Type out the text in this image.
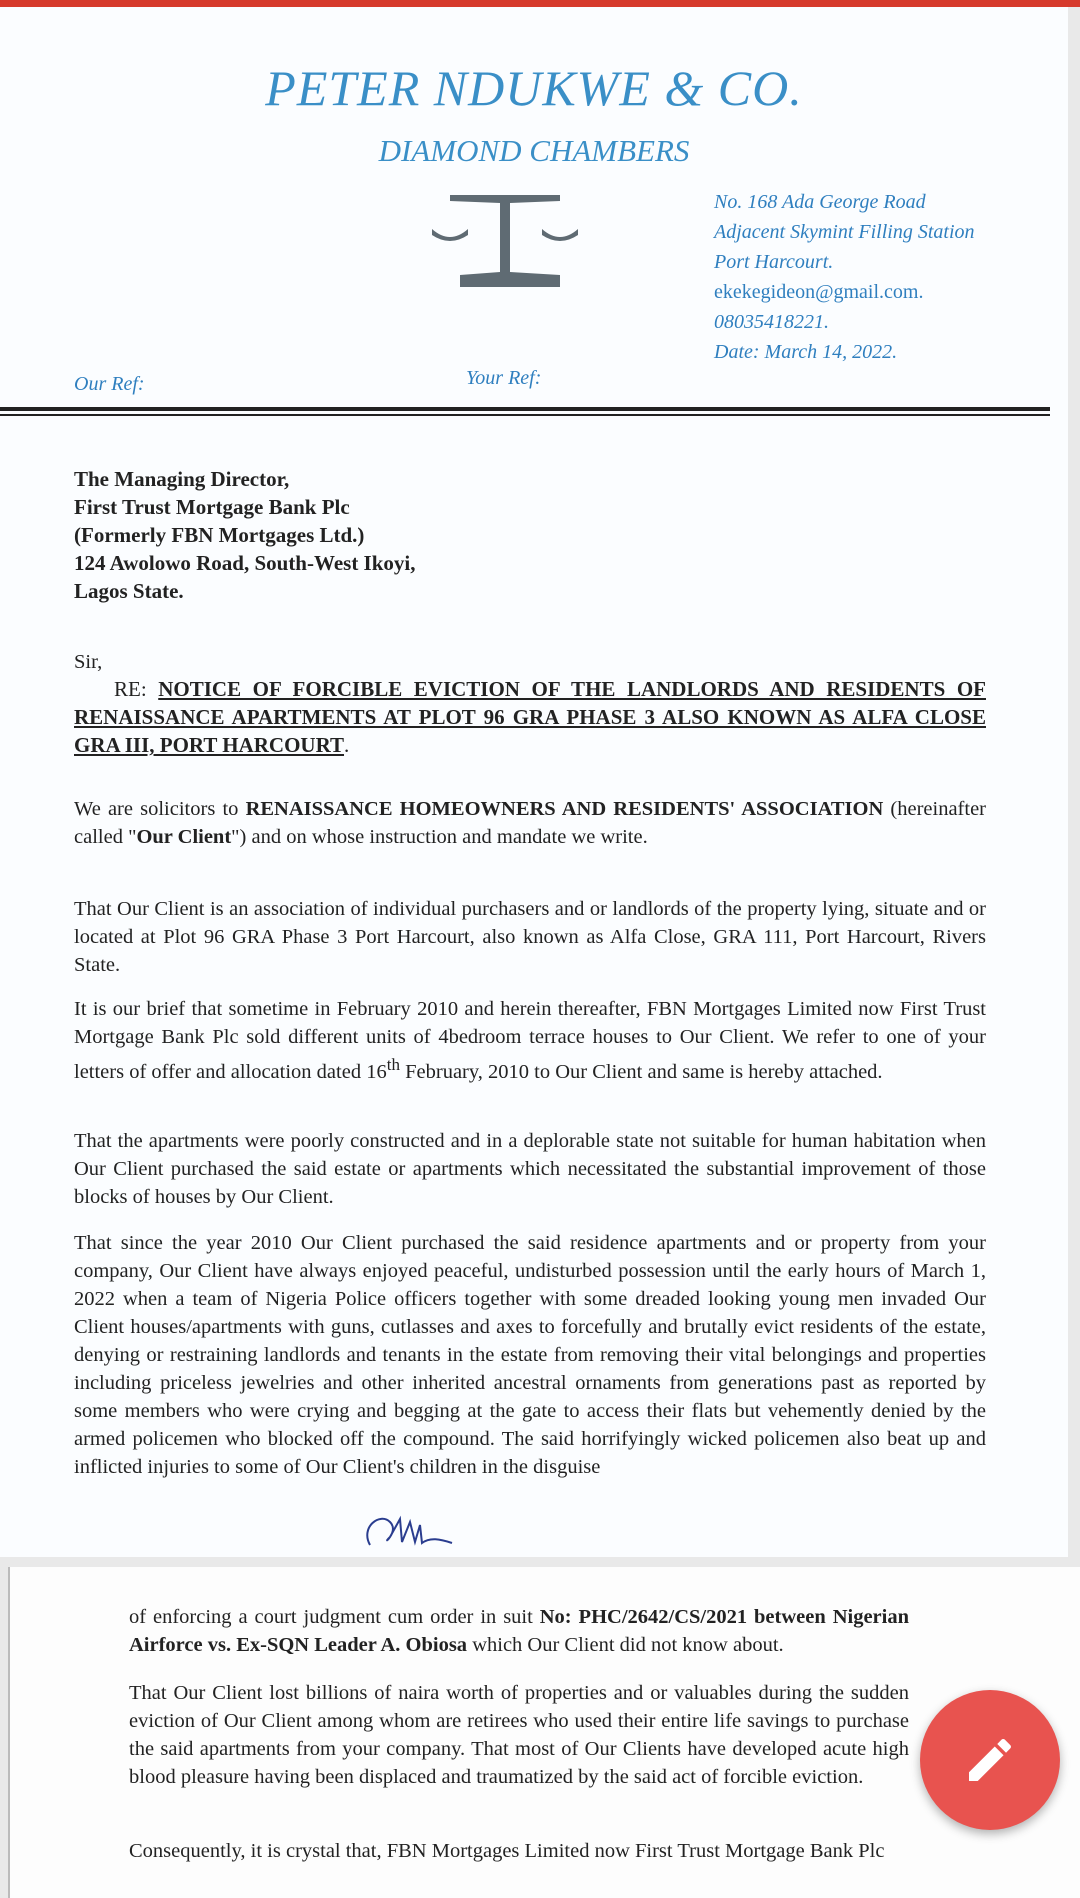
PETER NDUKWE & CO.
DIAMOND CHAMBERS
No. 168 Ada George Road
Adjacent Skymint Filling Station
Port Harcourt.
ekekegideon@gmail.com.
08035418221.
Date: March 14, 2022.
Our Ref:	Your Ref:
The Managing Director,
First Trust Mortgage Bank Plc
(Formerly FBN Mortgages Ltd.)
124 Awolowo Road, South-West Ikoyi,
Lagos State.
Sir,
RE: NOTICE OF FORCIBLE EVICTION OF THE LANDLORDS AND RESIDENTS OF RENAISSANCE APARTMENTS AT PLOT 96 GRA PHASE 3 ALSO KNOWN AS ALFA CLOSE GRA III, PORT HARCOURT.
We are solicitors to RENAISSANCE HOMEOWNERS AND RESIDENTS' ASSOCIATION (hereinafter called "Our Client") and on whose instruction and mandate we write.
That Our Client is an association of individual purchasers and or landlords of the property lying, situate and or located at Plot 96 GRA Phase 3 Port Harcourt, also known as Alfa Close, GRA 111, Port Harcourt, Rivers State.
It is our brief that sometime in February 2010 and herein thereafter, FBN Mortgages Limited now First Trust Mortgage Bank Plc sold different units of 4bedroom terrace houses to Our Client. We refer to one of your letters of offer and allocation dated 16th February, 2010 to Our Client and same is hereby attached.
That the apartments were poorly constructed and in a deplorable state not suitable for human habitation when Our Client purchased the said estate or apartments which necessitated the substantial improvement of those blocks of houses by Our Client.
That since the year 2010 Our Client purchased the said residence apartments and or property from your company, Our Client have always enjoyed peaceful, undisturbed possession until the early hours of March 1, 2022 when a team of Nigeria Police officers together with some dreaded looking young men invaded Our Client houses/apartments with guns, cutlasses and axes to forcefully and brutally evict residents of the estate, denying or restraining landlords and tenants in the estate from removing their vital belongings and properties including priceless jewelries and other inherited ancestral ornaments from generations past as reported by some members who were crying and begging at the gate to access their flats but vehemently denied by the armed policemen who blocked off the compound. The said horrifyingly wicked policemen also beat up and inflicted injuries to some of Our Client's children in the disguise
of enforcing a court judgment cum order in suit No: PHC/2642/CS/2021 between Nigerian Airforce vs. Ex-SQN Leader A. Obiosa which Our Client did not know about.
That Our Client lost billions of naira worth of properties and or valuables during the sudden eviction of Our Client among whom are retirees who used their entire life savings to purchase the said apartments from your company. That most of Our Clients have developed acute high blood pleasure having been displaced and traumatized by the said act of forcible eviction.
Consequently, it is crystal that, FBN Mortgages Limited now First Trust Mortgage Bank Plc
